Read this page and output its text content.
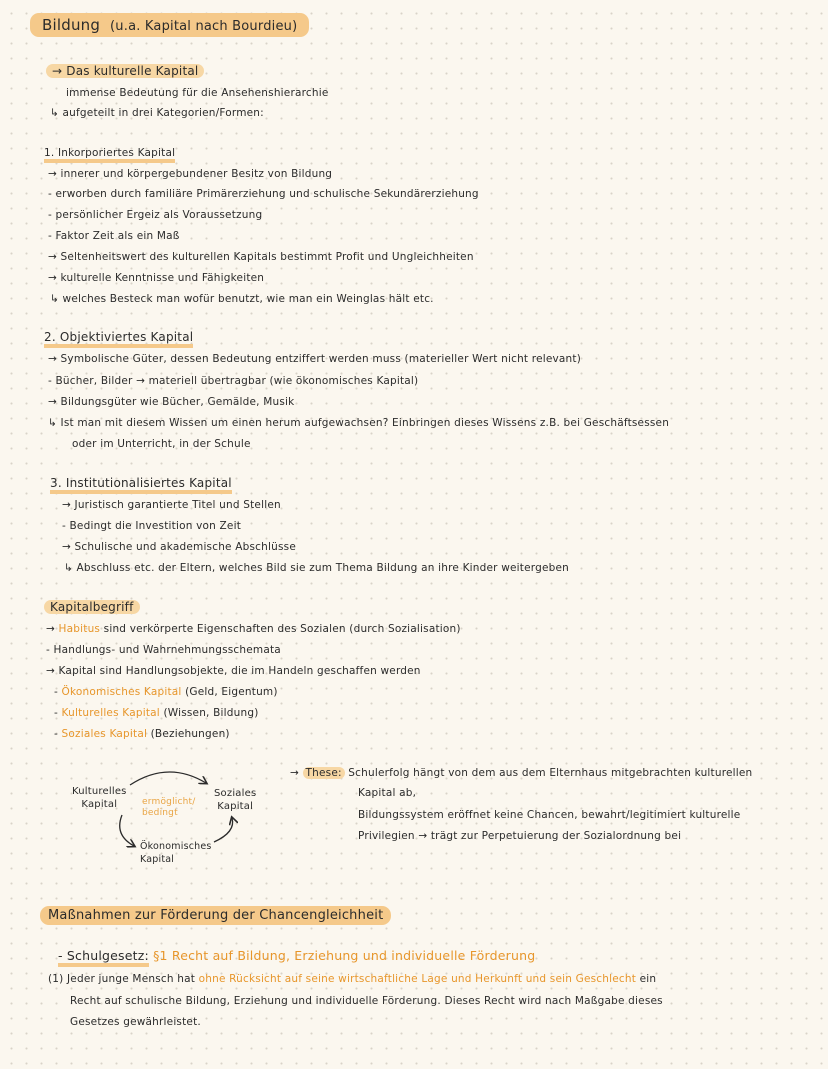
Bildung (u.a. Kapital nach Bourdieu)
→ Das kulturelle Kapital
immense Bedeutung für die Ansehenshierarchie
↳ aufgeteilt in drei Kategorien/Formen:
1. Inkorporiertes Kapital
→ innerer und körpergebundener Besitz von Bildung
- erworben durch familiäre Primärerziehung und schulische Sekundärerziehung
- persönlicher Ergeiz als Voraussetzung
- Faktor Zeit als ein Maß
→ Seltenheitswert des kulturellen Kapitals bestimmt Profit und Ungleichheiten
→ kulturelle Kenntnisse und Fähigkeiten
↳ welches Besteck man wofür benutzt, wie man ein Weinglas hält etc.
2. Objektiviertes Kapital
→ Symbolische Güter, dessen Bedeutung entziffert werden muss (materieller Wert nicht relevant)
- Bücher, Bilder → materiell übertragbar (wie ökonomisches Kapital)
→ Bildungsgüter wie Bücher, Gemälde, Musik
↳ Ist man mit diesem Wissen um einen herum aufgewachsen? Einbringen dieses Wissens z.B. bei Geschäftsessen
oder im Unterricht, in der Schule
3. Institutionalisiertes Kapital
→ Juristisch garantierte Titel und Stellen
- Bedingt die Investition von Zeit
→ Schulische und akademische Abschlüsse
↳ Abschluss etc. der Eltern, welches Bild sie zum Thema Bildung an ihre Kinder weitergeben
Kapitalbegriff
→ Habitus sind verkörperte Eigenschaften des Sozialen (durch Sozialisation)
- Handlungs- und Wahrnehmungsschemata
→ Kapital sind Handlungsobjekte, die im Handeln geschaffen werden
- Ökonomisches Kapital (Geld, Eigentum)
- Kulturelles Kapital (Wissen, Bildung)
- Soziales Kapital (Beziehungen)
Kulturelles
Kapital
Soziales
Kapital
Ökonomisches
Kapital
ermöglicht/
bedingt
→ These: Schulerfolg hängt von dem aus dem Elternhaus mitgebrachten kulturellen
Kapital ab,
Bildungssystem eröffnet keine Chancen, bewahrt/legitimiert kulturelle
Privilegien → trägt zur Perpetuierung der Sozialordnung bei
Maßnahmen zur Förderung der Chancengleichheit
- Schulgesetz: §1 Recht auf Bildung, Erziehung und individuelle Förderung
(1) Jeder junge Mensch hat ohne Rücksicht auf seine wirtschaftliche Lage und Herkunft und sein Geschlecht ein
Recht auf schulische Bildung, Erziehung und individuelle Förderung. Dieses Recht wird nach Maßgabe dieses
Gesetzes gewährleistet.
